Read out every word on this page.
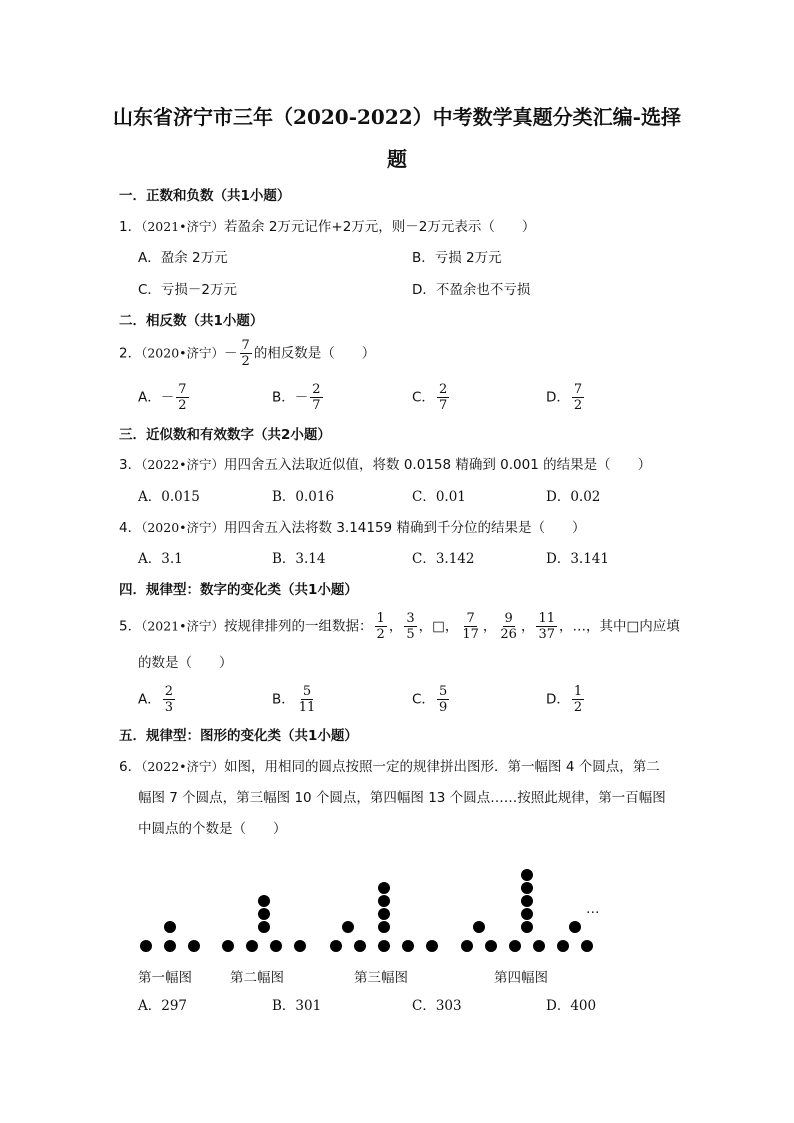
山东省济宁市三年（2020-2022）中考数学真题分类汇编-选择
题
一．正数和负数（共1小题）
1．（2021•济宁）若盈余 2万元记作+2万元，则－2万元表示（　　）
A．盈余 2万元	B．亏损 2万元
C．亏损－2万元	D．不盈余也不亏损
二．相反数（共1小题）
2．（2020•济宁）－ $\frac{7}{2}$ 的相反数是（　　）
A．－ $\frac{7}{2}$	B．－ $\frac{2}{7}$	C． $\frac{2}{7}$	D． $\frac{7}{2}$
三．近似数和有效数字（共2小题）
3．（2022•济宁）用四舍五入法取近似值，将数 0.0158 精确到 0.001 的结果是（　　）
A．0.015	B．0.016	C．0.01	D．0.02
4．（2020•济宁）用四舍五入法将数 3.14159 精确到千分位的结果是（　　）
A．3.1	B．3.14	C．3.142	D．3.141
四．规律型：数字的变化类（共1小题）
5．（2021•济宁）按规律排列的一组数据： $\frac{1}{2}$ ， $\frac{3}{5}$ ，□， $\frac{7}{17}$ ， $\frac{9}{26}$ ， $\frac{11}{37}$ ，…，其中□内应填
的数是（　　）
A． $\frac{2}{3}$	B． $\frac{5}{11}$	C． $\frac{5}{9}$	D． $\frac{1}{2}$
五．规律型：图形的变化类（共1小题）
6．（2022•济宁）如图，用相同的圆点按照一定的规律拼出图形．第一幅图 4 个圆点，第二
幅图 7 个圆点，第三幅图 10 个圆点，第四幅图 13 个圆点……按照此规律，第一百幅图
中圆点的个数是（　　）
第一幅图	第二幅图	第三幅图	第四幅图
…
A．297	B．301	C．303	D．400
